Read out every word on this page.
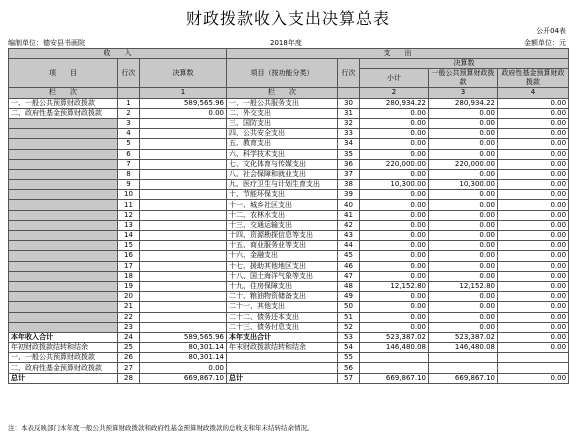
财政拨款收入支出决算总表
公开04表
编制单位：德安县书画院	2018年度	金额单位：元
收　　入			支　　出				
项　　目	行次	决算数	项目（按功能分类）	行次	决算数		
					小计	一般公共预算财政拨款	政府性基金预算财政拨款

栏　　次		1	栏　　次		2	3	4
一、一般公共预算财政拨款	1	589,565.96	一、一般公共服务支出	30	280,934.22	280,934.22	0.00
二、政府性基金预算财政拨款	2	0.00	二、外交支出	31	0.00	0.00	0.00
	3		三、国防支出	32	0.00	0.00	0.00
	4		四、公共安全支出	33	0.00	0.00	0.00
	5		五、教育支出	34	0.00	0.00	0.00
	6		六、科学技术支出	35	0.00	0.00	0.00
	7		七、文化体育与传媒支出	36	220,000.00	220,000.00	0.00
	8		八、社会保障和就业支出	37	0.00	0.00	0.00
	9		九、医疗卫生与计划生育支出	38	10,300.00	10,300.00	0.00
	10		十、节能环保支出	39	0.00	0.00	0.00
	11		十一、城乡社区支出	40	0.00	0.00	0.00
	12		十二、农林水支出	41	0.00	0.00	0.00
	13		十三、交通运输支出	42	0.00	0.00	0.00
	14		十四、资源勘探信息等支出	43	0.00	0.00	0.00
	15		十五、商业服务业等支出	44	0.00	0.00	0.00
	16		十六、金融支出	45	0.00	0.00	0.00
	17		十七、援助其他地区支出	46	0.00	0.00	0.00
	18		十八、国土海洋气象等支出	47	0.00	0.00	0.00
	19		十九、住房保障支出	48	12,152.80	12,152.80	0.00
	20		二十、粮油物资储备支出	49	0.00	0.00	0.00
	21		二十一、其他支出	50	0.00	0.00	0.00
	22		二十二、债务还本支出	51	0.00	0.00	0.00
	23		二十三、债务付息支出	52	0.00	0.00	0.00
本年收入合计	24	589,565.96	本年支出合计	53	523,387.02	523,387.02	0.00
年初财政拨款结转和结余	25	80,301.14	年末财政拨款结转和结余	54	146,480.08	146,480.08	0.00
一、一般公共预算财政拨款	26	80,301.14		55			
二、政府性基金预算财政拨款	27	0.00		56			
总计	28	669,867.10	总计	57	669,867.10	669,867.10	0.00
注：本表反映部门本年度一般公共预算财政拨款和政府性基金预算财政拨款的总收支和年末结转结余情况。
